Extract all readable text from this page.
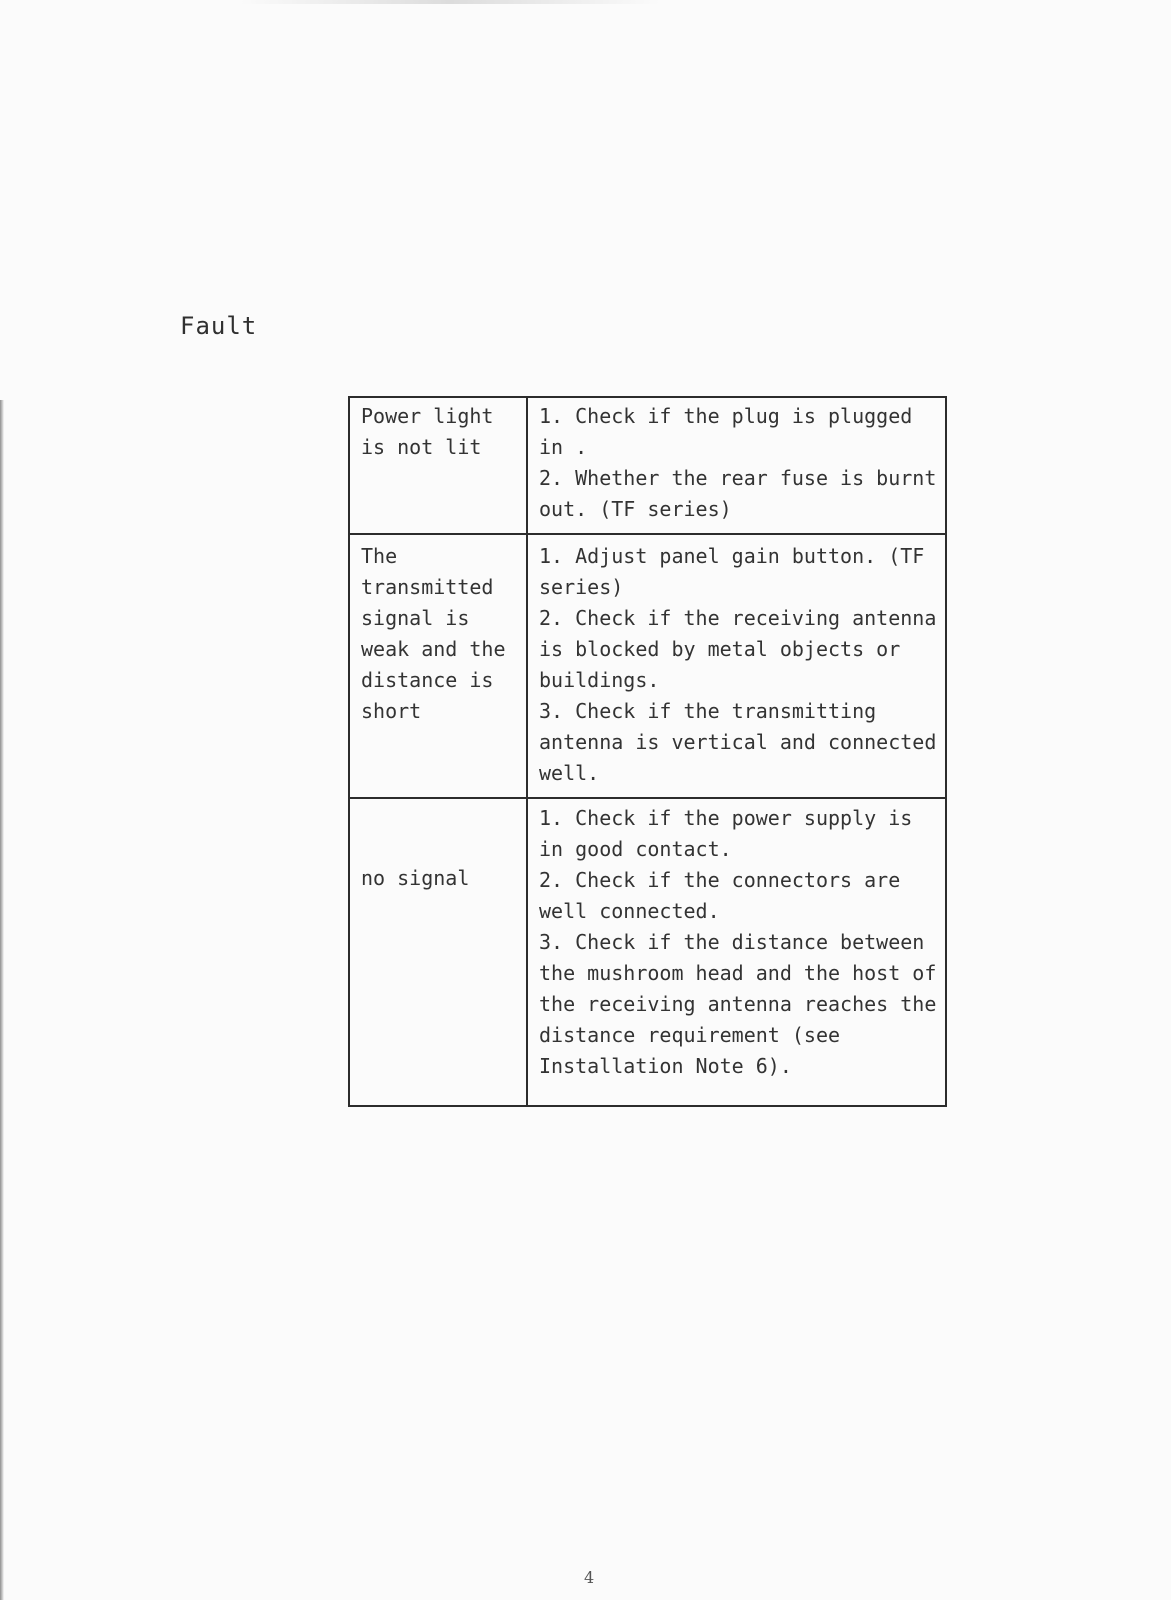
Fault
Power light is not lit	1. Check if the plug is plugged in .
2. Whether the rear fuse is burnt out. (TF series)

The transmitted signal is weak and the distance is short	1. Adjust panel gain button. (TF series)
2. Check if the receiving antenna is blocked by metal objects or buildings.
3. Check if the transmitting antenna is vertical and connected well.

no signal	1. Check if the power supply is in good contact.
2. Check if the connectors are well connected.
3. Check if the distance between the mushroom head and the host of the receiving antenna reaches the distance requirement (see Installation Note 6).
4
